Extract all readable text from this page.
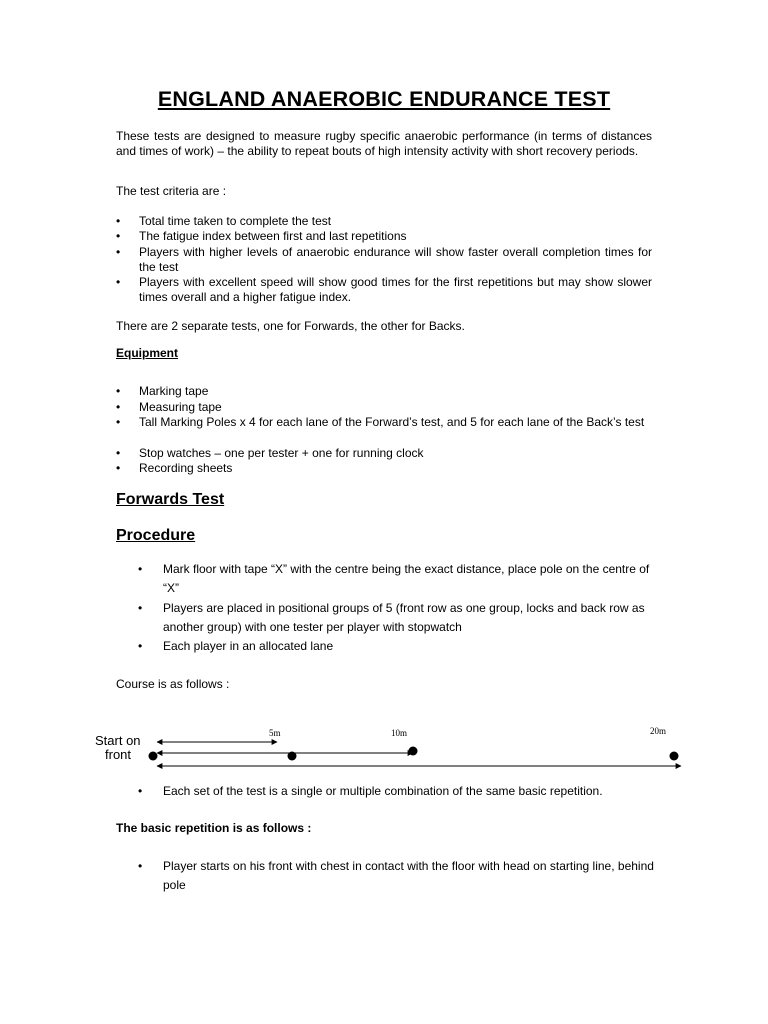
ENGLAND ANAEROBIC ENDURANCE TEST
These tests are designed to measure rugby specific anaerobic performance (in terms of distances and times of work) – the ability to repeat bouts of high intensity activity with short recovery periods.
The test criteria are :
• Total time taken to complete the test
• The fatigue index between first and last repetitions
• Players with higher levels of anaerobic endurance will show faster overall completion times for the test
• Players with excellent speed will show good times for the first repetitions but may show slower times overall and a higher fatigue index.
There are 2 separate tests, one for Forwards, the other for Backs.
Equipment
• Marking tape
• Measuring tape
• Tall Marking Poles x 4 for each lane of the Forward’s test, and 5 for each lane of the Back’s test
• Stop watches – one per tester + one for running clock
• Recording sheets
Forwards Test
Procedure
• Mark floor with tape “X” with the centre being the exact distance, place pole on the centre of “X”
• Players are placed in positional groups of 5 (front row as one group, locks and back row as another group) with one tester per player with stopwatch
• Each player in an allocated lane
Course is as follows :
Start on
front
5m	10m	20m
• Each set of the test is a single or multiple combination of the same basic repetition.
The basic repetition is as follows :
• Player starts on his front with chest in contact with the floor with head on starting line, behind pole
